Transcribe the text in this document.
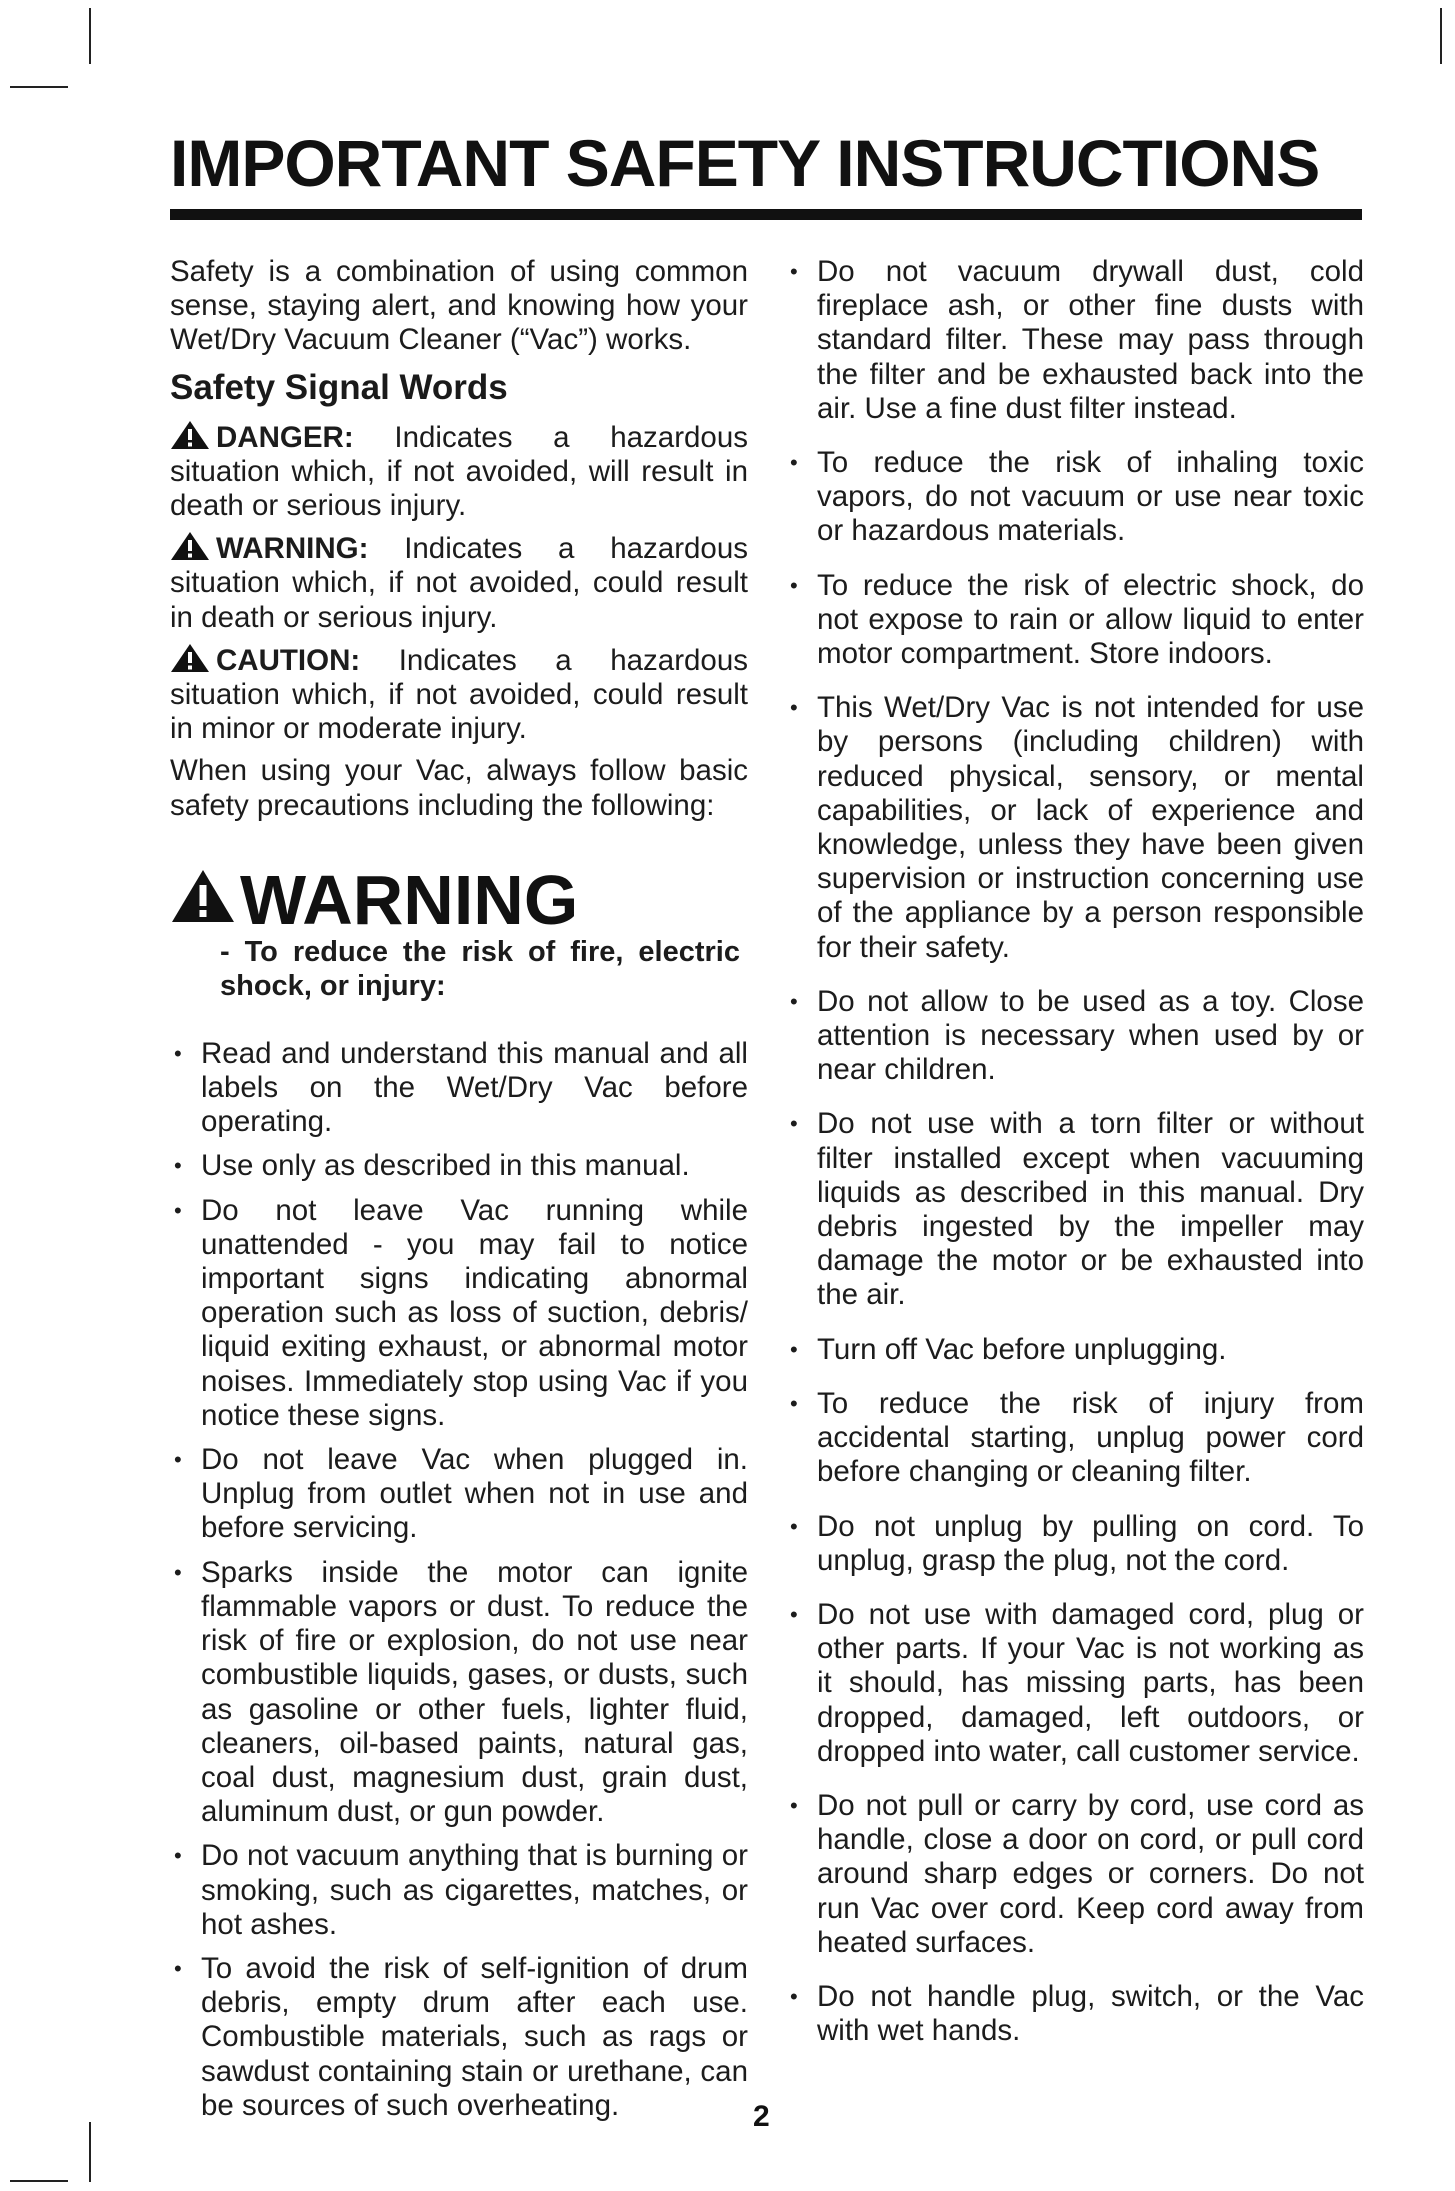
IMPORTANT SAFETY INSTRUCTIONS

Safety is a combination of using common sense, staying alert, and knowing how your Wet/Dry Vacuum Cleaner (“Vac”) works.

Safety Signal Words

DANGER: Indicates a hazardous situation which, if not avoided, will result in death or serious injury.

WARNING: Indicates a hazardous situation which, if not avoided, could result in death or serious injury.

CAUTION: Indicates a hazardous situation which, if not avoided, could result in minor or moderate injury.

When using your Vac, always follow basic safety precautions including the following:

WARNING

- To reduce the risk of fire, electric shock, or injury:

• Read and understand this manual and all labels on the Wet/Dry Vac before operating.
• Use only as described in this manual.
• Do not leave Vac running while unattended - you may fail to notice important signs indicating abnormal operation such as loss of suction, debris/ liquid exiting exhaust, or abnormal motor noises. Immediately stop using Vac if you notice these signs.
• Do not leave Vac when plugged in. Unplug from outlet when not in use and before servicing.
• Sparks inside the motor can ignite flammable vapors or dust. To reduce the risk of fire or explosion, do not use near combustible liquids, gases, or dusts, such as gasoline or other fuels, lighter fluid, cleaners, oil-based paints, natural gas, coal dust, magnesium dust, grain dust, aluminum dust, or gun powder.
• Do not vacuum anything that is burning or smoking, such as cigarettes, matches, or hot ashes.
• To avoid the risk of self-ignition of drum debris, empty drum after each use. Combustible materials, such as rags or sawdust containing stain or urethane, can be sources of such overheating.
• Do not vacuum drywall dust, cold fireplace ash, or other fine dusts with standard filter. These may pass through the filter and be exhausted back into the air. Use a fine dust filter instead.
• To reduce the risk of inhaling toxic vapors, do not vacuum or use near toxic or hazardous materials.
• To reduce the risk of electric shock, do not expose to rain or allow liquid to enter motor compartment. Store indoors.
• This Wet/Dry Vac is not intended for use by persons (including children) with reduced physical, sensory, or mental capabilities, or lack of experience and knowledge, unless they have been given supervision or instruction concerning use of the appliance by a person responsible for their safety.
• Do not allow to be used as a toy. Close attention is necessary when used by or near children.
• Do not use with a torn filter or without filter installed except when vacuuming liquids as described in this manual. Dry debris ingested by the impeller may damage the motor or be exhausted into the air.
• Turn off Vac before unplugging.
• To reduce the risk of injury from accidental starting, unplug power cord before changing or cleaning filter.
• Do not unplug by pulling on cord. To unplug, grasp the plug, not the cord.
• Do not use with damaged cord, plug or other parts. If your Vac is not working as it should, has missing parts, has been dropped, damaged, left outdoors, or dropped into water, call customer service.
• Do not pull or carry by cord, use cord as handle, close a door on cord, or pull cord around sharp edges or corners. Do not run Vac over cord. Keep cord away from heated surfaces.
• Do not handle plug, switch, or the Vac with wet hands.
2
